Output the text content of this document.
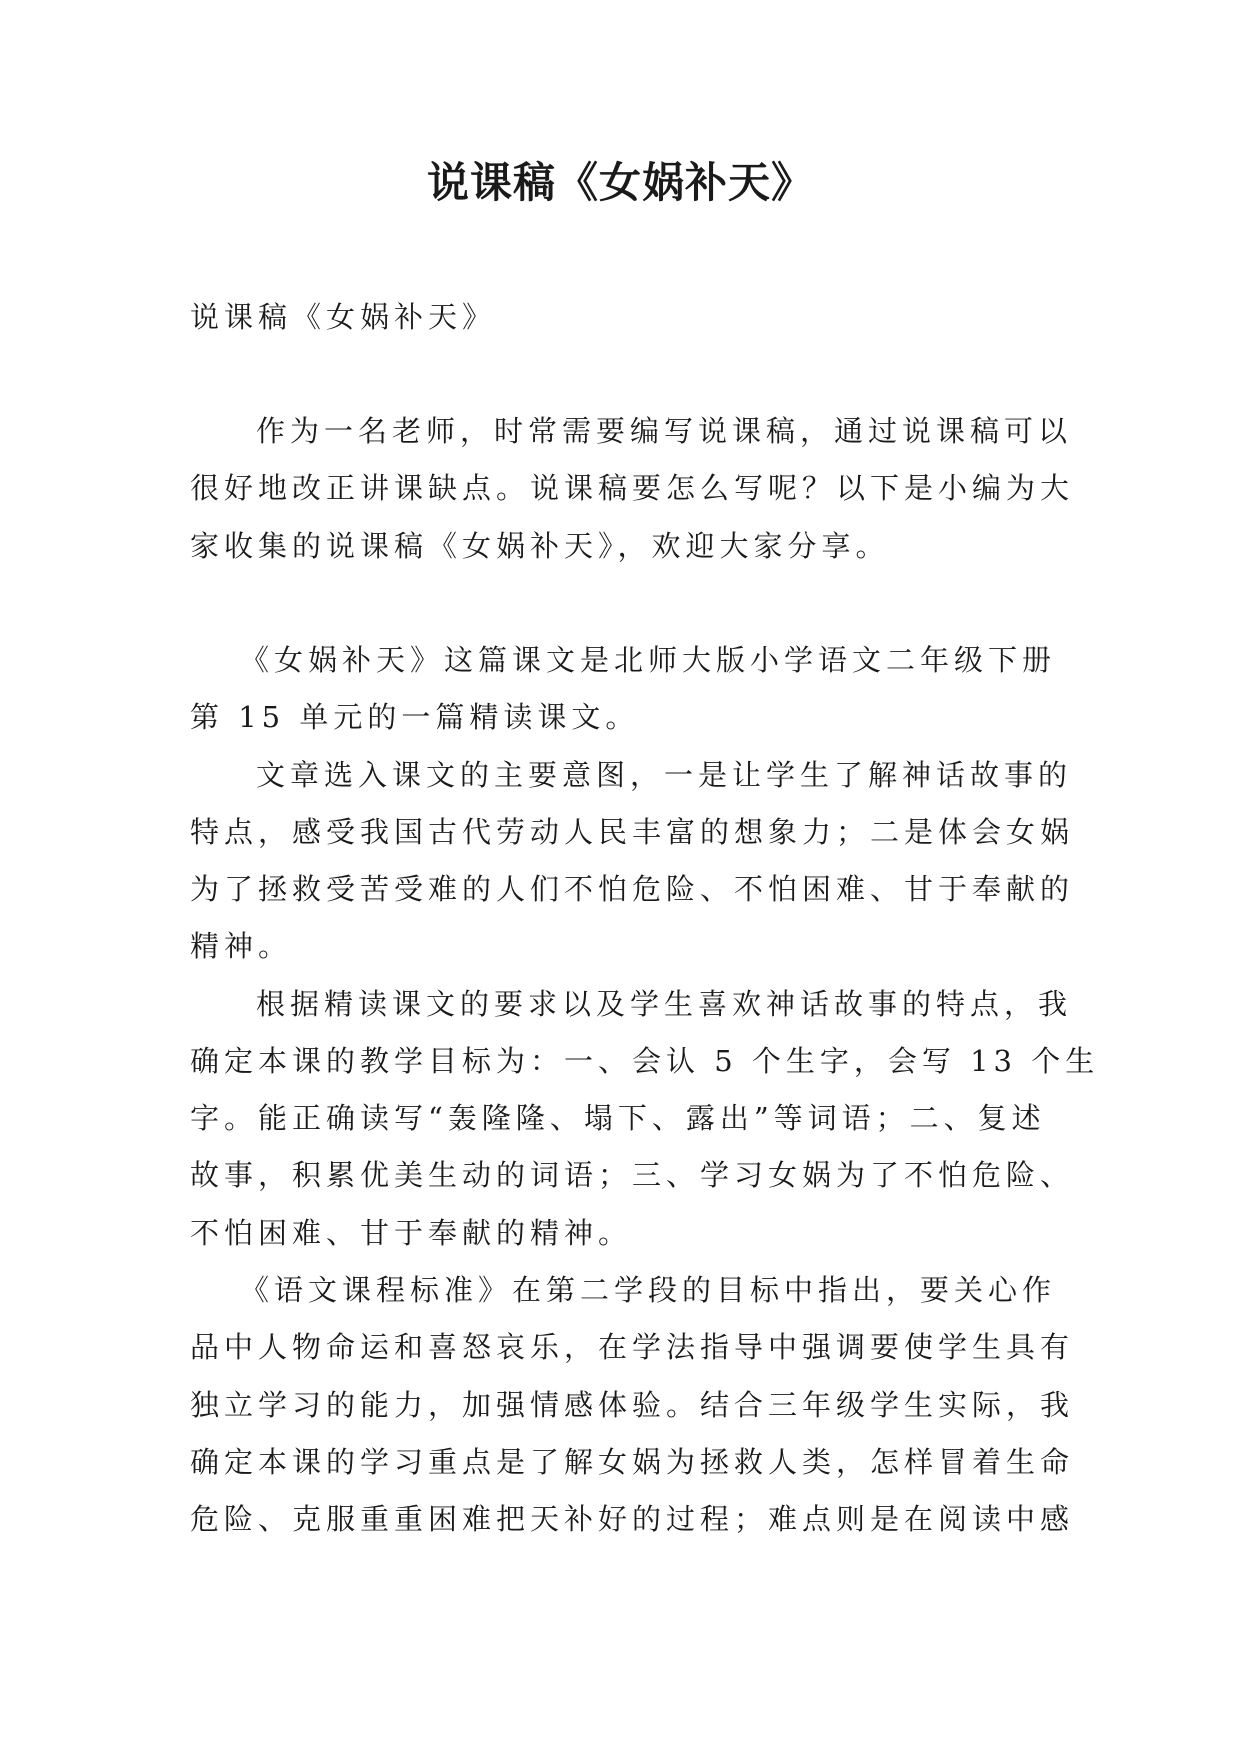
说课稿《女娲补天》
说课稿《女娲补天》
作为一名老师，时常需要编写说课稿，通过说课稿可以
很好地改正讲课缺点。说课稿要怎么写呢？以下是小编为大
家收集的说课稿《女娲补天》，欢迎大家分享。
《女娲补天》这篇课文是北师大版小学语文二年级下册
第 15 单元的一篇精读课文。
文章选入课文的主要意图，一是让学生了解神话故事的
特点，感受我国古代劳动人民丰富的想象力；二是体会女娲
为了拯救受苦受难的人们不怕危险、不怕困难、甘于奉献的
精神。
根据精读课文的要求以及学生喜欢神话故事的特点，我
确定本课的教学目标为：一、会认 5 个生字，会写 13 个生
字。能正确读写“轰隆隆、塌下、露出”等词语；二、复述
故事，积累优美生动的词语；三、学习女娲为了不怕危险、
不怕困难、甘于奉献的精神。
《语文课程标准》在第二学段的目标中指出，要关心作
品中人物命运和喜怒哀乐，在学法指导中强调要使学生具有
独立学习的能力，加强情感体验。结合三年级学生实际，我
确定本课的学习重点是了解女娲为拯救人类，怎样冒着生命
危险、克服重重困难把天补好的过程；难点则是在阅读中感
